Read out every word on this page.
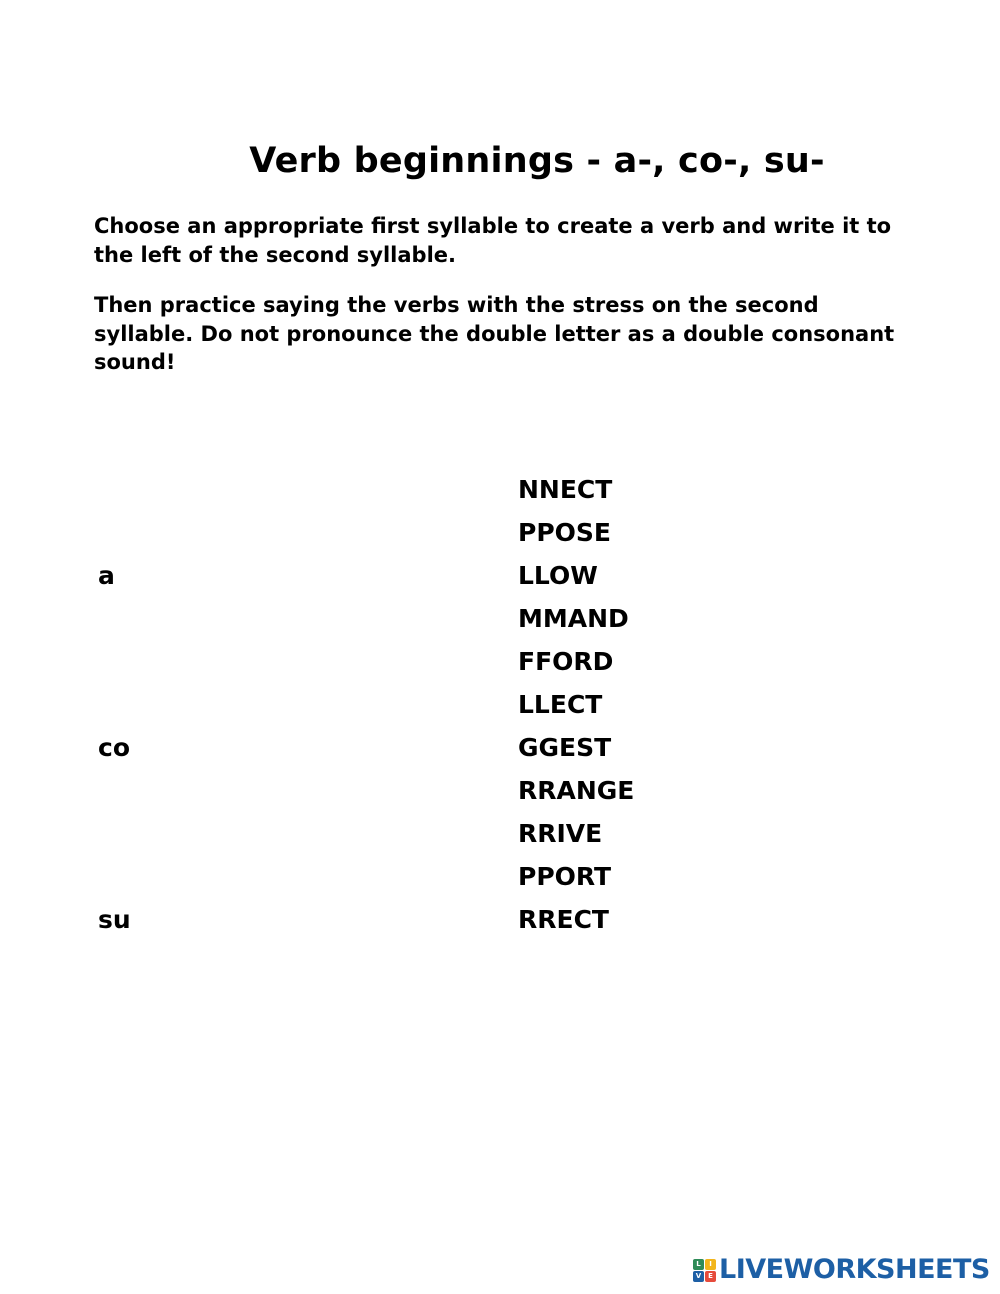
Verb beginnings - a-, co-, su-

Choose an appropriate first syllable to create a verb and write it to the left of the second syllable.

Then practice saying the verbs with the stress on the second syllable. Do not pronounce the double letter as a double consonant sound!

a
co
su
NNECT
PPOSE
LLOW
MMAND
FFORD
LLECT
GGEST
RRANGE
RRIVE
PPORT
RRECT
L	I
V E LIVEWORKSHEETS
